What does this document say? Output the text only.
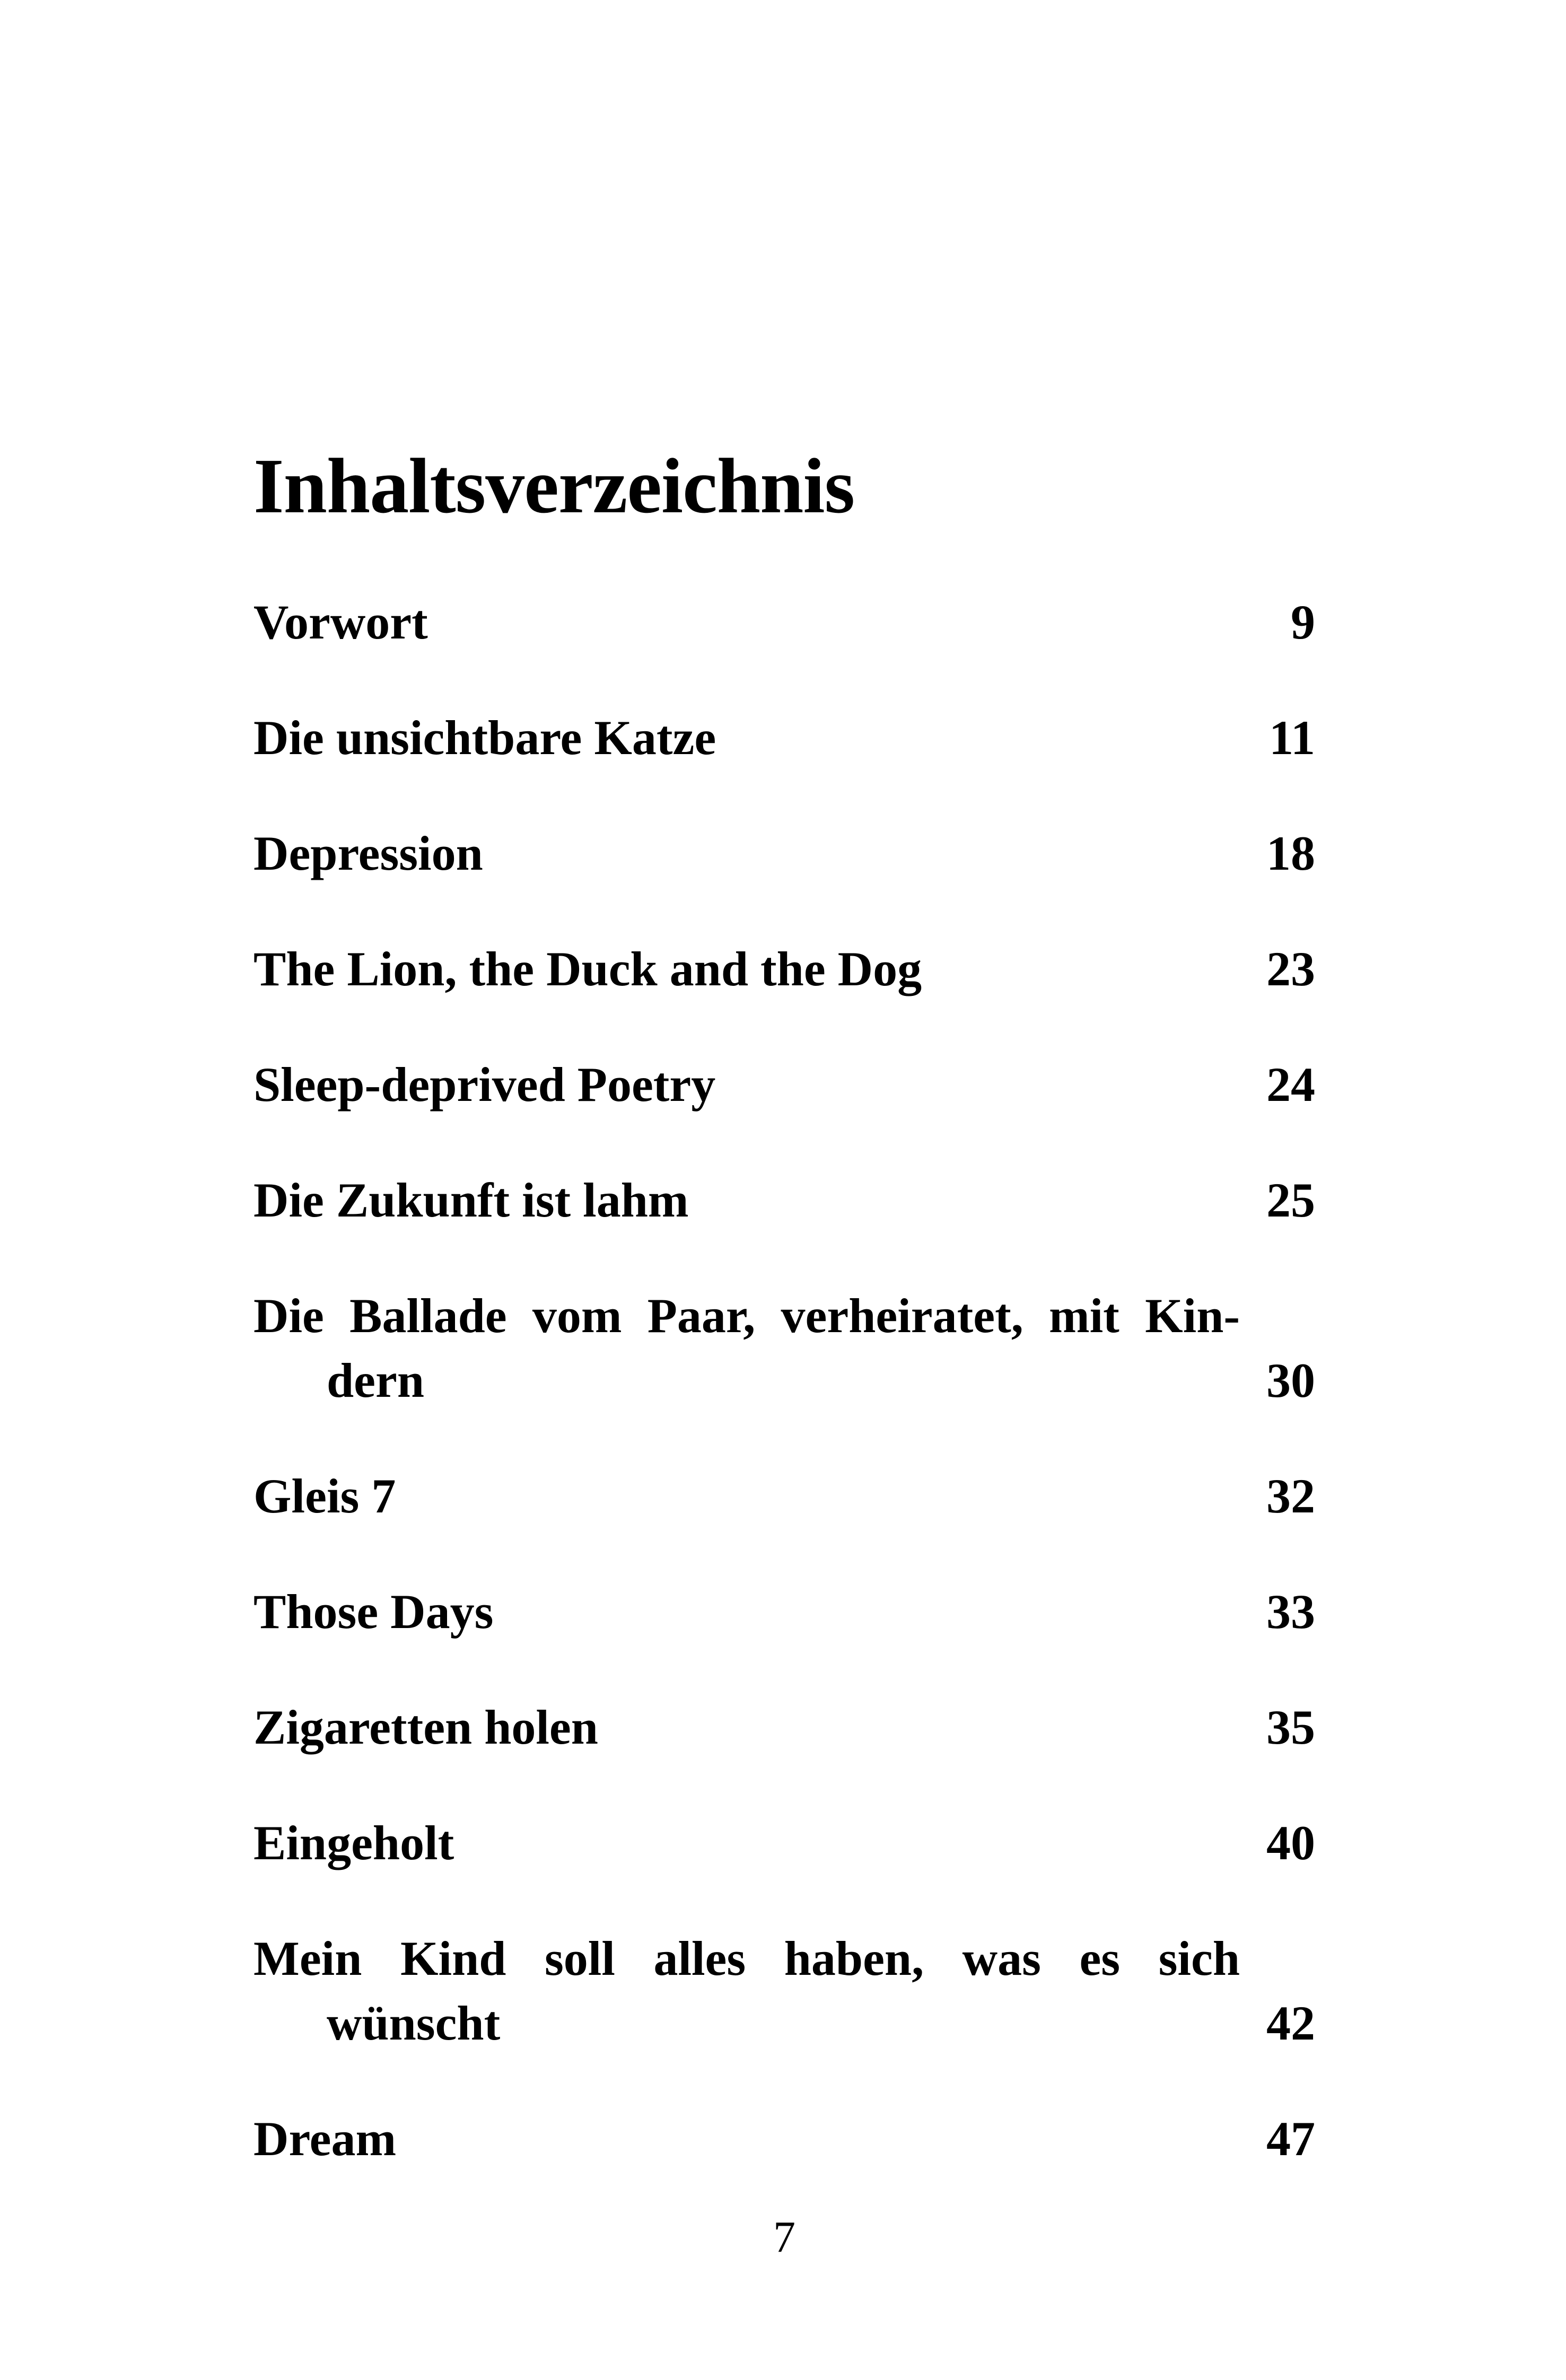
Inhaltsverzeichnis
Vorwort	9
Die unsichtbare Katze	11
Depression	18
The Lion, the Duck and the Dog	23
Sleep-deprived Poetry	24
Die Zukunft ist lahm	25
Die Ballade vom Paar, verheiratet, mit Kin-
dern	30
Gleis 7	32
Those Days	33
Zigaretten holen	35
Eingeholt	40
Mein Kind soll alles haben, was es sich
wünscht	42
Dream	47
7
